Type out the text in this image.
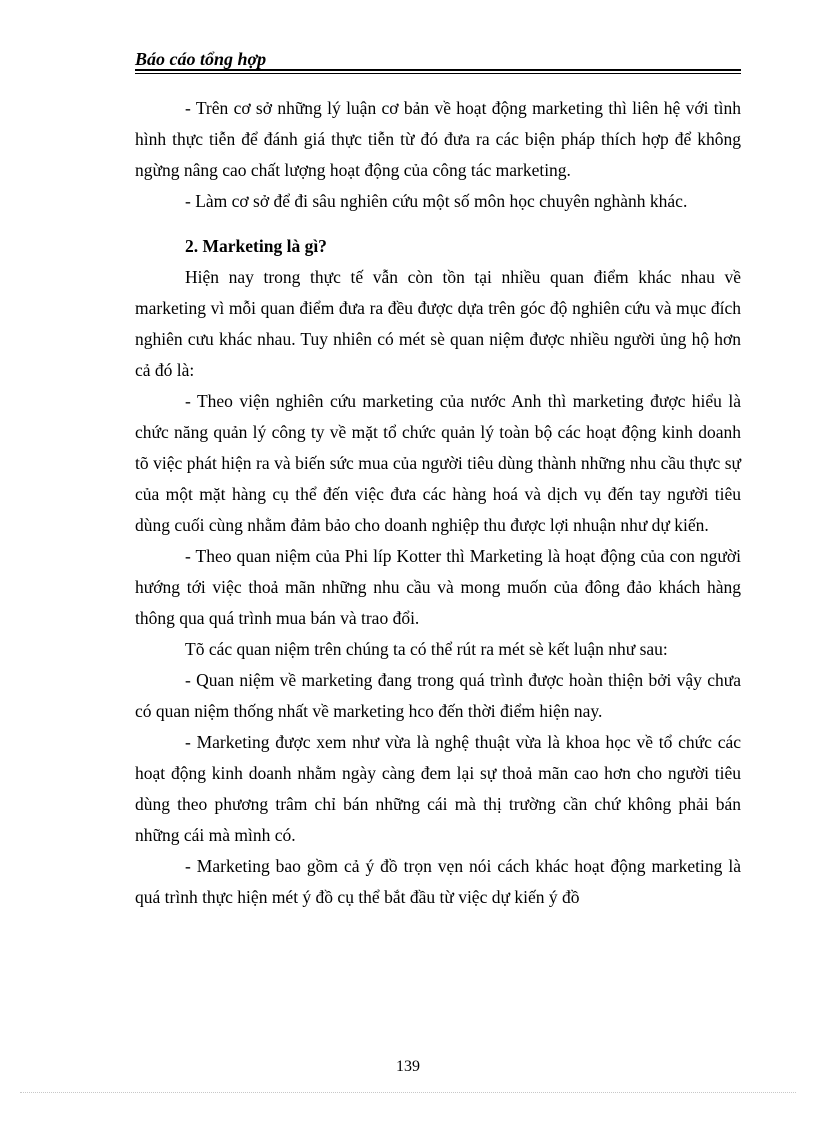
Báo cáo tổng hợp

- Trên cơ sở những lý luận cơ bản về hoạt động marketing thì liên hệ với tình hình thực tiễn để đánh giá thực tiễn từ đó đưa ra các biện pháp thích hợp để không ngừng nâng cao chất lượng hoạt động của công tác marketing.

- Làm cơ sở để đi sâu nghiên cứu một số môn học chuyên nghành khác.

2. Marketing là gì?

Hiện nay trong thực tế vẫn còn tồn tại nhiều quan điểm khác nhau về marketing vì mỗi quan điểm đưa ra đều được dựa trên góc độ nghiên cứu và mục đích nghiên cưu khác nhau. Tuy nhiên có mét sè quan niệm được nhiều người ủng hộ hơn cả đó là:

- Theo viện nghiên cứu marketing của nước Anh thì marketing được hiểu là chức năng quản lý công ty về mặt tổ chức quản lý toàn bộ các hoạt động kinh doanh tõ việc phát hiện ra và biến sức mua của người tiêu dùng thành những nhu cầu thực sự của một mặt hàng cụ thể đến việc đưa các hàng hoá và dịch vụ đến tay người tiêu dùng cuối cùng nhằm đảm bảo cho doanh nghiệp thu được lợi nhuận như dự kiến.

- Theo quan niệm của Phi líp Kotter thì Marketing là hoạt động của con người hướng tới việc thoả mãn những nhu cầu và mong muốn của đông đảo khách hàng thông qua quá trình mua bán và trao đổi.

Tõ các quan niệm trên chúng ta có thể rút ra mét sè kết luận như sau:

- Quan niệm về marketing đang trong quá trình được hoàn thiện bởi vậy chưa có quan niệm thống nhất về marketing hco đến thời điểm hiện nay.

- Marketing được xem như vừa là nghệ thuật vừa là khoa học về tổ chức các hoạt động kinh doanh nhằm ngày càng đem lại sự thoả mãn cao hơn cho người tiêu dùng theo phương trâm chỉ bán những cái mà thị trường cần chứ không phải bán những cái mà mình có.

- Marketing bao gồm cả ý đồ trọn vẹn nói cách khác hoạt động marketing là quá trình thực hiện mét ý đồ cụ thể bắt đầu từ việc dự kiến ý đồ

139
